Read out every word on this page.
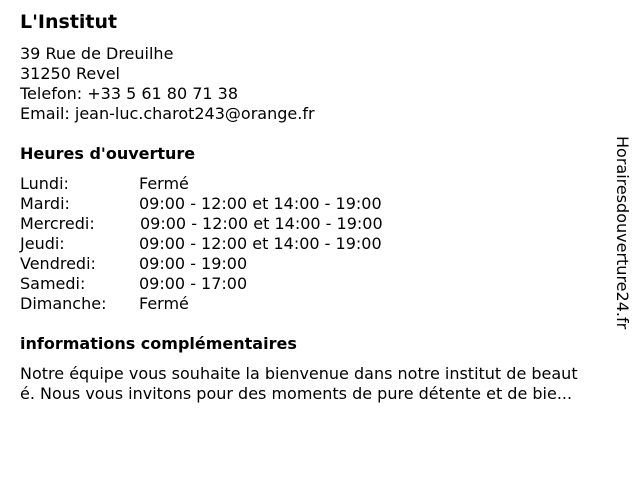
L'Institut
39 Rue de Dreuilhe
31250 Revel
Telefon: +33 5 61 80 71 38
Email: jean-luc.charot243@orange.fr
Heures d'ouverture
Lundi:	Fermé
Mardi:	09:00 - 12:00 et 14:00 - 19:00
Mercredi:	09:00 - 12:00 et 14:00 - 19:00
Jeudi:	09:00 - 12:00 et 14:00 - 19:00
Vendredi:	09:00 - 19:00
Samedi:	09:00 - 17:00
Dimanche: Fermé
informations complémentaires
Notre équipe vous souhaite la bienvenue dans notre institut de beaut
é. Nous vous invitons pour des moments de pure détente et de bie...
Horairesdouverture24.fr
